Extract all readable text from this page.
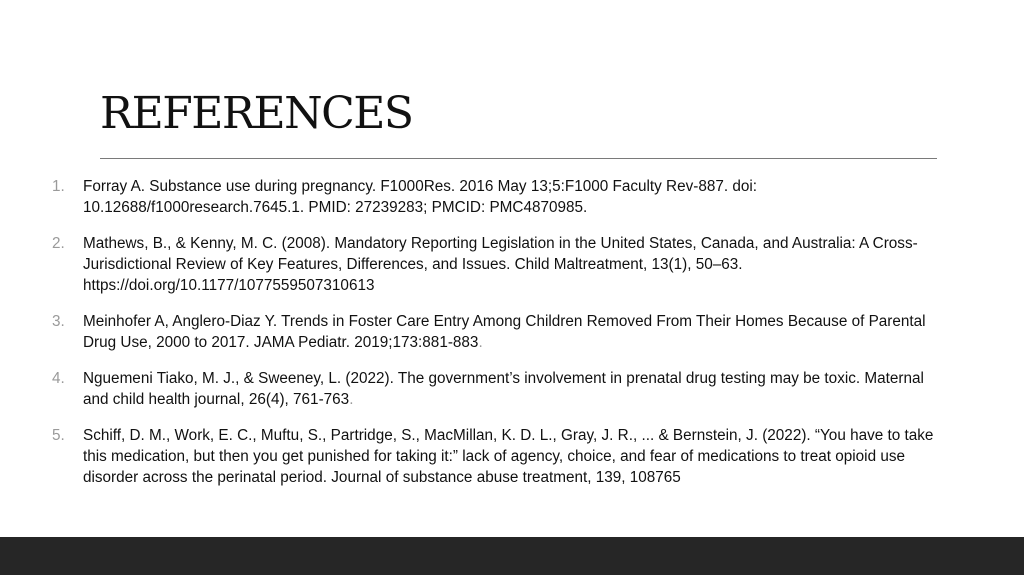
REFERENCES
1. Forray A. Substance use during pregnancy. F1000Res. 2016 May 13;5:F1000 Faculty Rev-887. doi: 10.12688/f1000research.7645.1. PMID: 27239283; PMCID: PMC4870985.
2. Mathews, B., & Kenny, M. C. (2008). Mandatory Reporting Legislation in the United States, Canada, and Australia: A Cross-Jurisdictional Review of Key Features, Differences, and Issues. Child Maltreatment, 13(1), 50–63. https://doi.org/10.1177/1077559507310613
3. Meinhofer A, Anglero-Diaz Y. Trends in Foster Care Entry Among Children Removed From Their Homes Because of Parental Drug Use, 2000 to 2017. JAMA Pediatr. 2019;173:881-883.
4. Nguemeni Tiako, M. J., & Sweeney, L. (2022). The government’s involvement in prenatal drug testing may be toxic. Maternal and child health journal, 26(4), 761-763.
5. Schiff, D. M., Work, E. C., Muftu, S., Partridge, S., MacMillan, K. D. L., Gray, J. R., ... & Bernstein, J. (2022). “You have to take this medication, but then you get punished for taking it:” lack of agency, choice, and fear of medications to treat opioid use disorder across the perinatal period. Journal of substance abuse treatment, 139, 108765
